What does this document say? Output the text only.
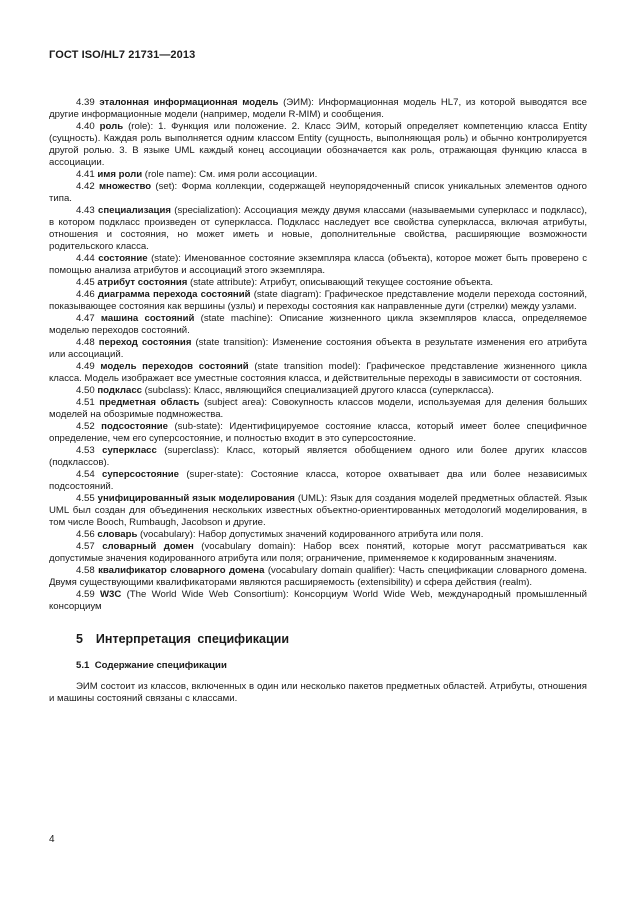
ГОСТ ISO/HL7 21731—2013

4.39 эталонная информационная модель (ЭИМ): Информационная модель HL7, из которой выводятся все другие информационные модели (например, модели R-MIM) и сообщения.

4.40 роль (role): 1. Функция или положение. 2. Класс ЭИМ, который определяет компетенцию класса Entity (сущность). Каждая роль выполняется одним классом Entity (сущность, выполняющая роль) и обычно контролируется другой ролью. 3. В языке UML каждый конец ассоциации обозначается как роль, отражающая функцию класса в ассоциации.

4.41 имя роли (role name): См. имя роли ассоциации.

4.42 множество (set): Форма коллекции, содержащей неупорядоченный список уникальных элементов одного типа.

4.43 специализация (specialization): Ассоциация между двумя классами (называемыми суперкласс и подкласс), в котором подкласс произведен от суперкласса. Подкласс наследует все свойства суперкласса, включая атрибуты, отношения и состояния, но может иметь и новые, дополнительные свойства, расширяющие возможности родительского класса.

4.44 состояние (state): Именованное состояние экземпляра класса (объекта), которое может быть проверено с помощью анализа атрибутов и ассоциаций этого экземпляра.

4.45 атрибут состояния (state attribute): Атрибут, описывающий текущее состояние объекта.

4.46 диаграмма перехода состояний (state diagram): Графическое представление модели перехода состояний, показывающее состояния как вершины (узлы) и переходы состояния как направленные дуги (стрелки) между узлами.

4.47 машина состояний (state machine): Описание жизненного цикла экземпляров класса, определяемое моделью переходов состояний.

4.48 переход состояния (state transition): Изменение состояния объекта в результате изменения его атрибута или ассоциаций.

4.49 модель переходов состояний (state transition model): Графическое представление жизненного цикла класса. Модель изображает все уместные состояния класса, и действительные переходы в зависимости от состояния.

4.50 подкласс (subclass): Класс, являющийся специализацией другого класса (суперкласса).

4.51 предметная область (subject area): Совокупность классов модели, используемая для деления больших моделей на обозримые подмножества.

4.52 подсостояние (sub-state): Идентифицируемое состояние класса, который имеет более специфичное определение, чем его суперсостояние, и полностью входит в это суперсостояние.

4.53 суперкласс (superclass): Класс, который является обобщением одного или более других классов (подклассов).

4.54 суперсостояние (super-state): Состояние класса, которое охватывает два или более независимых подсостояний.

4.55 унифицированный язык моделирования (UML): Язык для создания моделей предметных областей. Язык UML был создан для объединения нескольких известных объектно-ориентированных методологий моделирования, в том числе Booch, Rumbaugh, Jacobson и другие.

4.56 словарь (vocabulary): Набор допустимых значений кодированного атрибута или поля.

4.57 словарный домен (vocabulary domain): Набор всех понятий, которые могут рассматриваться как допустимые значения кодированного атрибута или поля; ограничение, применяемое к кодированным значениям.

4.58 квалификатор словарного домена (vocabulary domain qualifier): Часть спецификации словарного домена. Двумя существующими квалификаторами являются расширяемость (extensibility) и сфера действия (realm).

4.59 W3C (The World Wide Web Consortium): Консорциум World Wide Web, международный промышленный консорциум

5 Интерпретация спецификации
5.1 Содержание спецификации

ЭИМ состоит из классов, включенных в один или несколько пакетов предметных областей. Атрибуты, отношения и машины состояний связаны с классами.

4
